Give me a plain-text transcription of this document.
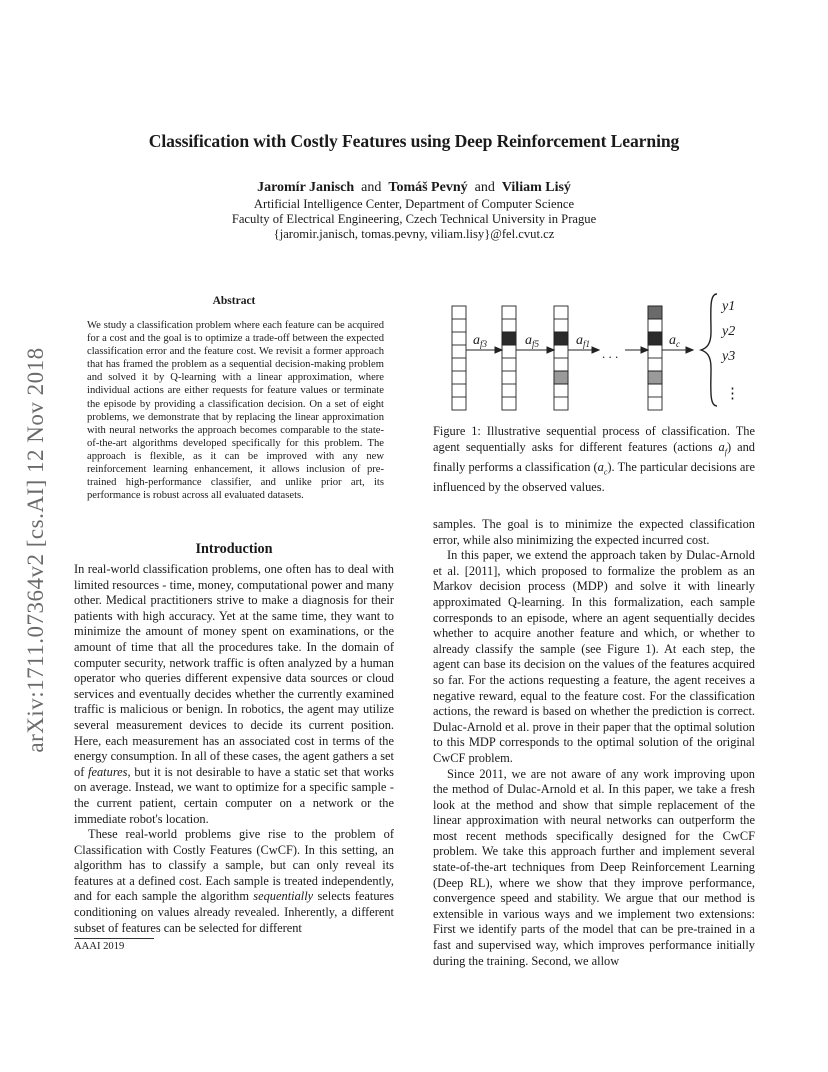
Classification with Costly Features using Deep Reinforcement Learning
Jaromír Janisch and Tomáš Pevný and Viliam Lisý
Artificial Intelligence Center, Department of Computer Science
Faculty of Electrical Engineering, Czech Technical University in Prague
{jaromir.janisch, tomas.pevny, viliam.lisy}@fel.cvut.cz
arXiv:1711.07364v2 [cs.AI] 12 Nov 2018
Abstract
We study a classification problem where each feature can be acquired for a cost and the goal is to optimize a trade-off between the expected classification error and the feature cost. We revisit a former approach that has framed the problem as a sequential decision-making problem and solved it by Q-learning with a linear approximation, where individual actions are either requests for feature values or terminate the episode by providing a classification decision. On a set of eight problems, we demonstrate that by replacing the linear approximation with neural networks the approach becomes comparable to the state-of-the-art algorithms developed specifically for this problem. The approach is flexible, as it can be improved with any new reinforcement learning enhancement, it allows inclusion of pre-trained high-performance classifier, and unlike prior art, its performance is robust across all evaluated datasets.
Introduction

In real-world classification problems, one often has to deal with limited resources - time, money, computational power and many other. Medical practitioners strive to make a diagnosis for their patients with high accuracy. Yet at the same time, they want to minimize the amount of money spent on examinations, or the amount of time that all the procedures take. In the domain of computer security, network traffic is often analyzed by a human operator who queries different expensive data sources or cloud services and eventually decides whether the currently examined traffic is malicious or benign. In robotics, the agent may utilize several measurement devices to decide its current position. Here, each measurement has an associated cost in terms of the energy consumption. In all of these cases, the agent gathers a set of features, but it is not desirable to have a static set that works on average. Instead, we want to optimize for a specific sample - the current patient, certain computer on a network or the immediate robot's location.

These real-world problems give rise to the problem of Classification with Costly Features (CwCF). In this setting, an algorithm has to classify a sample, but can only reveal its features at a defined cost. Each sample is treated independently, and for each sample the algorithm sequentially selects features conditioning on values already revealed. Inherently, a different subset of features can be selected for different

AAAI 2019
$a_{f3}$	$a_{f5}$	$a_{f1}$	$a_c$
y1
y2
y3
. . .
⋮
Figure 1: Illustrative sequential process of classification. The agent sequentially asks for different features (actions $a_f$) and finally performs a classification $(a_c)$. The particular decisions are influenced by the observed values.

samples. The goal is to minimize the expected classification error, while also minimizing the expected incurred cost.

In this paper, we extend the approach taken by Dulac-Arnold et al. [2011], which proposed to formalize the problem as an Markov decision process (MDP) and solve it with linearly approximated Q-learning. In this formalization, each sample corresponds to an episode, where an agent sequentially decides whether to acquire another feature and which, or whether to already classify the sample (see Figure 1). At each step, the agent can base its decision on the values of the features acquired so far. For the actions requesting a feature, the agent receives a negative reward, equal to the feature cost. For the classification actions, the reward is based on whether the prediction is correct. Dulac-Arnold et al. prove in their paper that the optimal solution to this MDP corresponds to the optimal solution of the original CwCF problem.

Since 2011, we are not aware of any work improving upon the method of Dulac-Arnold et al. In this paper, we take a fresh look at the method and show that simple replacement of the linear approximation with neural networks can outperform the most recent methods specifically designed for the CwCF problem. We take this approach further and implement several state-of-the-art techniques from Deep Reinforcement Learning (Deep RL), where we show that they improve performance, convergence speed and stability. We argue that our method is extensible in various ways and we implement two extensions: First we identify parts of the model that can be pre-trained in a fast and supervised way, which improves performance initially during the training. Second, we allow
